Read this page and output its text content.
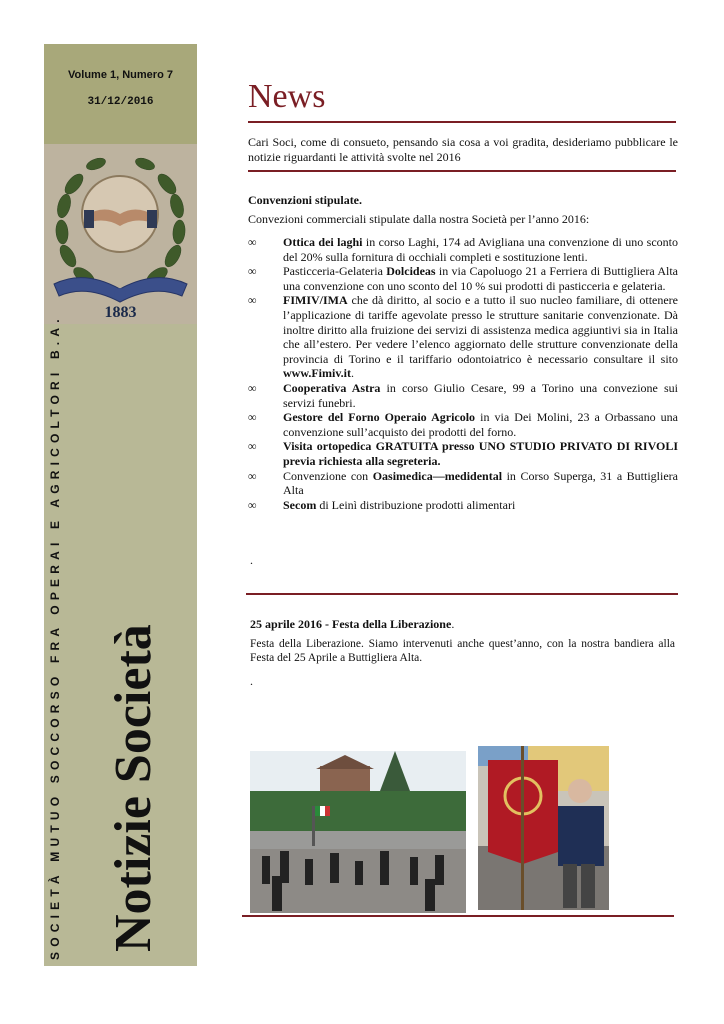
Volume 1, Numero 7
31/12/2016
1883
SOCIETÀ MUTUO SOCCORSO FRA OPERAI E AGRICOLTORI B.A. Notizie Società
News
Cari Soci, come di consueto, pensando sia cosa a voi gradita, desideriamo pubblicare le notizie riguardanti le attività svolte nel 2016
Convenzioni stipulate.
Convezioni commerciali stipulate dalla nostra Società per l’anno 2016:
∞ Ottica dei laghi in corso Laghi, 174 ad Avigliana una convenzione di uno sconto del 20% sulla fornitura di occhiali completi e sostituzione lenti.
∞ Pasticceria-Gelateria Dolcideas in via Capoluogo 21 a Ferriera di Buttigliera Alta una convenzione con uno sconto del 10 % sui prodotti di pasticceria e gelateria.
∞ FIMIV/IMA che dà diritto, al socio e a tutto il suo nucleo familiare, di ottenere l’applicazione di tariffe agevolate presso le strutture sanitarie convenzionate. Dà inoltre diritto alla fruizione dei servizi di assistenza medica aggiuntivi sia in Italia che all’estero. Per vedere l’elenco aggiornato delle strutture convenzionate della provincia di Torino e il tariffario odontoiatrico è necessario consultare il sito www.Fimiv.it.
∞ Cooperativa Astra in corso Giulio Cesare, 99 a Torino una convezione sui servizi funebri.
∞ Gestore del Forno Operaio Agricolo in via Dei Molini, 23 a Orbassano una convenzione sull’acquisto dei prodotti del forno.
∞ Visita ortopedica GRATUITA presso UNO STUDIO PRIVATO DI RIVOLI previa richiesta alla segreteria.
∞ Convenzione con Oasimedica—medidental in Corso Superga, 31 a Buttigliera Alta
∞ Secom di Leinì distribuzione prodotti alimentari
.
25 aprile 2016 - Festa della Liberazione.
Festa della Liberazione. Siamo intervenuti anche quest’anno, con la nostra bandiera alla Festa del 25 Aprile a Buttigliera Alta.
.
